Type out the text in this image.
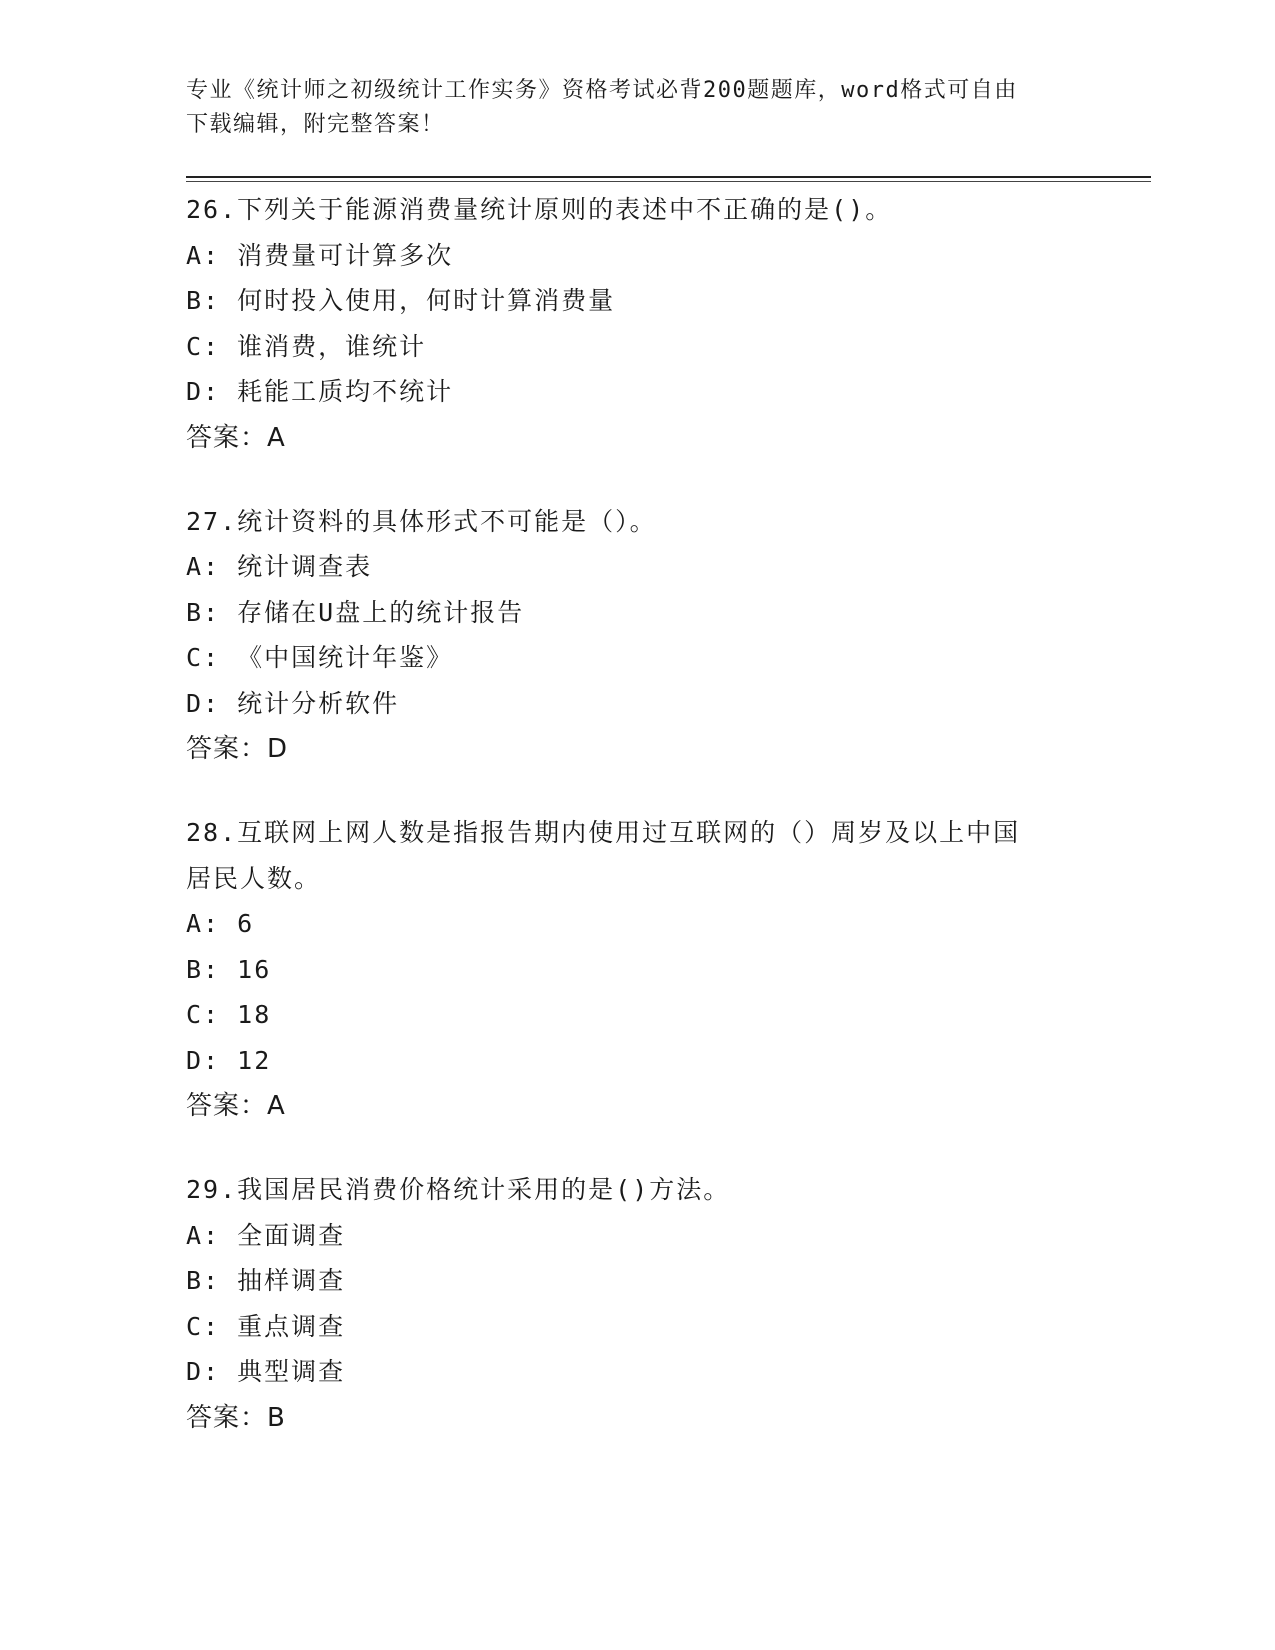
专业《统计师之初级统计工作实务》资格考试必背200题题库，word格式可自由
下载编辑，附完整答案！
26.下列关于能源消费量统计原则的表述中不正确的是()。
A: 消费量可计算多次
B: 何时投入使用，何时计算消费量
C: 谁消费，谁统计
D: 耗能工质均不统计
答案：A
27.统计资料的具体形式不可能是（）。
A: 统计调查表
B: 存储在U盘上的统计报告
C: 《中国统计年鉴》
D: 统计分析软件
答案：D
28.互联网上网人数是指报告期内使用过互联网的（）周岁及以上中国
居民人数。
A: 6
B: 16
C: 18
D: 12
答案：A
29.我国居民消费价格统计采用的是()方法。
A: 全面调查
B: 抽样调查
C: 重点调查
D: 典型调查
答案：B
